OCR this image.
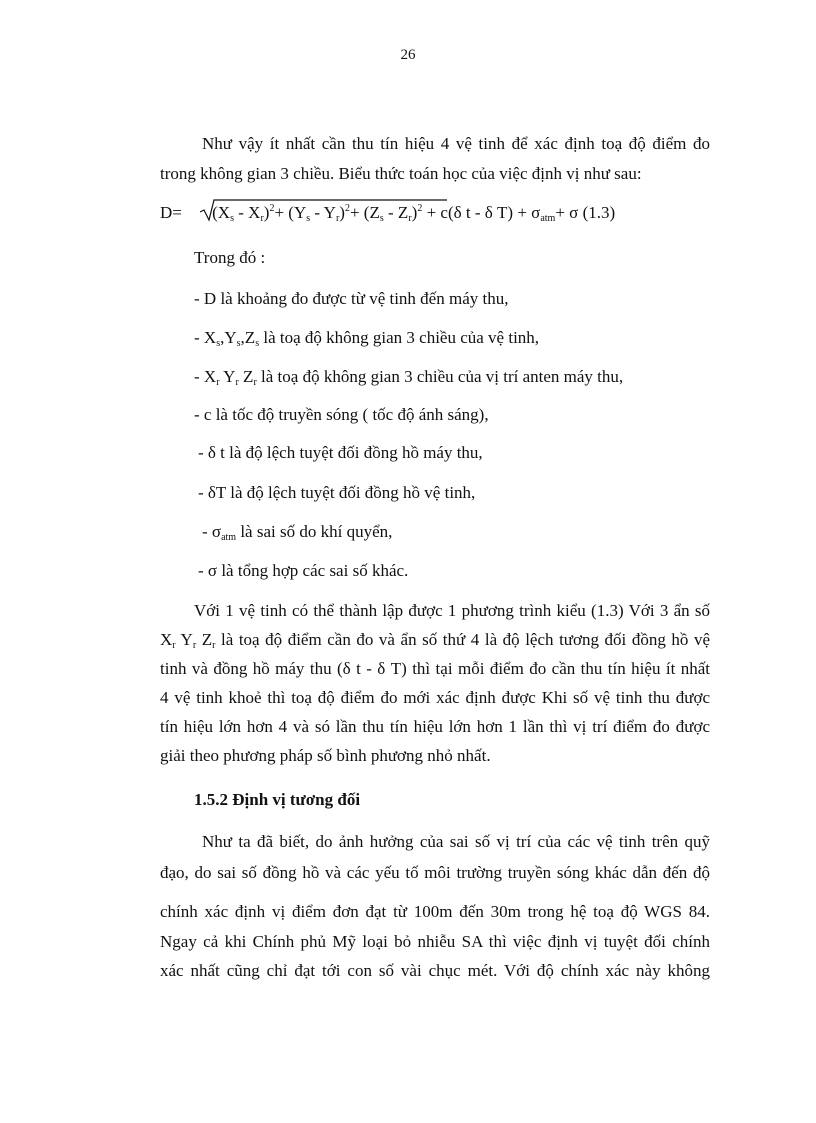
26
Như vậy ít nhất cần thu tín hiệu 4 vệ tinh để xác định toạ độ điểm đo
trong không gian 3 chiều. Biểu thức toán học của việc định vị như sau:
$D= (X_s - X_r)^2+ (Y_s - Y_r)^2+ (Z_s - Z_r)^2 + c(\delta$ t - δ $T) + \sigma_{atm}+ \sigma$ (1.3)
Trong đó :
- D là khoảng đo được từ vệ tinh đến máy thu,
- $X_s,Y_s,Z_s$ là toạ độ không gian 3 chiều của vệ tinh,
- $X_r$ $Y_r$ $Z_r$ là toạ độ không gian 3 chiều của vị trí anten máy thu,
- c là tốc độ truyền sóng ( tốc độ ánh sáng),
- δ t là độ lệch tuyệt đối đồng hồ máy thu,
- δT là độ lệch tuyệt đối đồng hồ vệ tinh,
- $\sigma_{atm}$ là sai số do khí quyển,
- σ là tổng hợp các sai số khác.
Với 1 vệ tinh có thể thành lập được 1 phương trình kiểu (1.3) Với 3 ẩn số
$X_r$ $Y_r$ $Z_r$ là toạ độ điểm cần đo và ẩn số thứ 4 là độ lệch tương đối đồng hồ vệ
tinh và đồng hồ máy thu (δ t - δ T) thì tại mỗi điểm đo cần thu tín hiệu ít nhất
4 vệ tinh khoẻ thì toạ độ điểm đo mới xác định được Khi số vệ tinh thu được
tín hiệu lớn hơn 4 và só lần thu tín hiệu lớn hơn 1 lần thì vị trí điểm đo được
giải theo phương pháp số bình phương nhỏ nhất.
1.5.2 Định vị tương đối
Như ta đã biết, do ảnh hưởng của sai số vị trí của các vệ tinh trên quỹ
đạo, do sai số đồng hồ và các yếu tố môi trường truyền sóng khác dẫn đến độ
chính xác định vị điểm đơn đạt từ 100m đến 30m trong hệ toạ độ WGS 84.
Ngay cả khi Chính phủ Mỹ loại bỏ nhiễu SA thì việc định vị tuyệt đối chính
xác nhất cũng chỉ đạt tới con số vài chục mét. Với độ chính xác này không
